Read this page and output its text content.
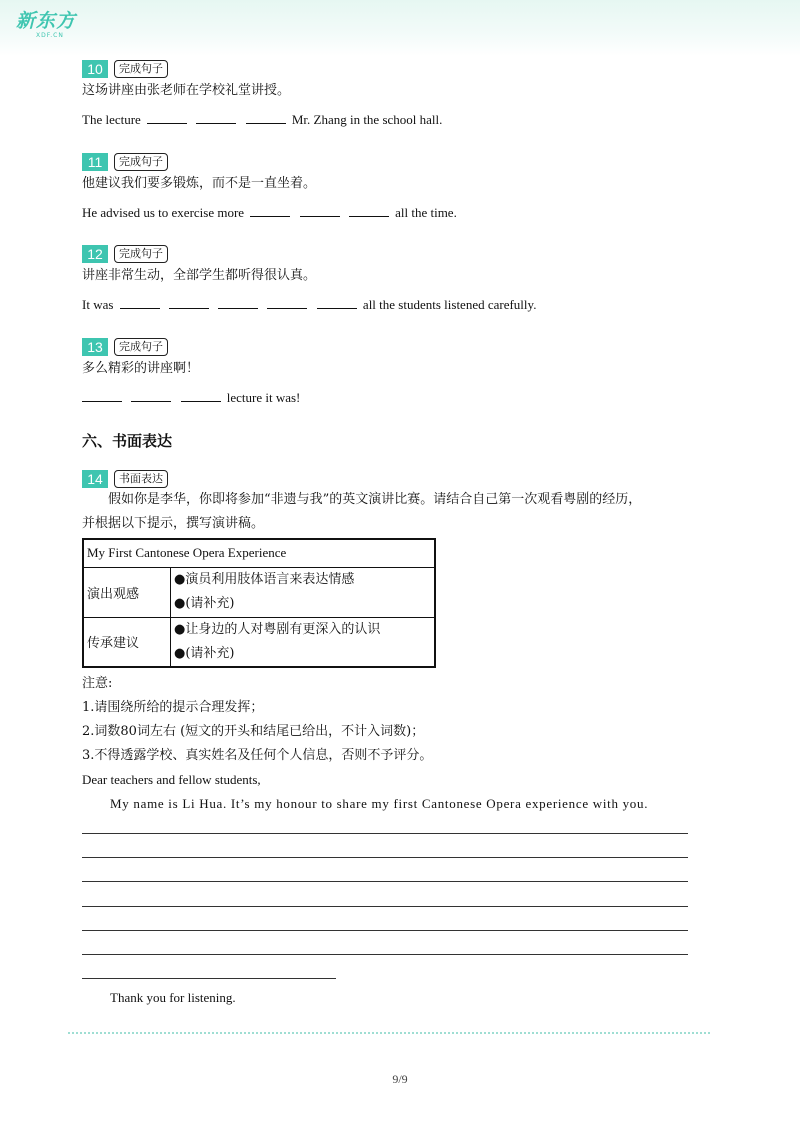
新东方
XDF.CN
10	完成句子
这场讲座由张老师在学校礼堂讲授。
The lecture	Mr. Zhang in the school hall.
11	完成句子
他建议我们要多锻炼，而不是一直坐着。
He advised us to exercise more	all the time.
12	完成句子
讲座非常生动，全部学生都听得很认真。
It was	all the students listened carefully.
13	完成句子
多么精彩的讲座啊！
lecture it was!
六、书面表达
14	书面表达
假如你是李华，你即将参加“非遗与我”的英文演讲比赛。请结合自己第一次观看粤剧的经历，
并根据以下提示，撰写演讲稿。
My First Cantonese Opera Experience	
演出观感	●演员利用肢体语言来表达情感
●(请补充)

传承建议	●让身边的人对粤剧有更深入的认识
●(请补充)
注意:
1.请围绕所给的提示合理发挥；
2.词数80词左右 (短文的开头和结尾已给出，不计入词数)；
3.不得透露学校、真实姓名及任何个人信息，否则不予评分。
Dear teachers and fellow students,
My name is Li Hua. It’s my honour to share my first Cantonese Opera experience with you.
Thank you for listening.
9/9
